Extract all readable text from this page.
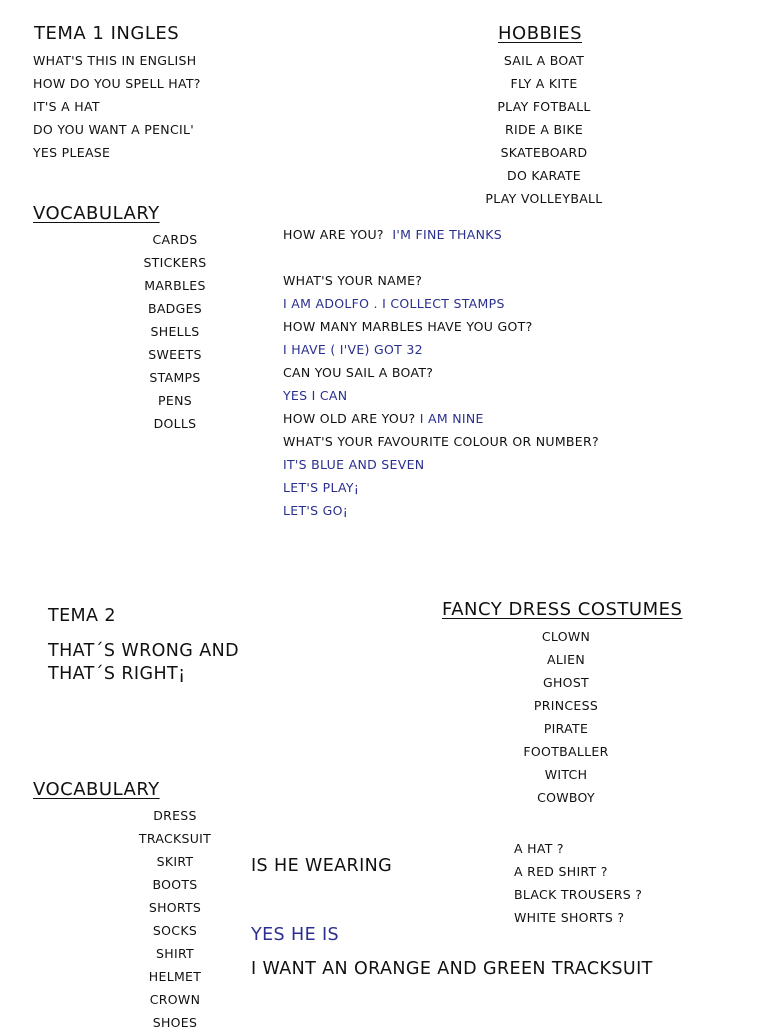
TEMA 1 INGLES
WHAT'S THIS IN ENGLISH
HOW DO YOU SPELL HAT?
IT'S A HAT
DO YOU WANT A PENCIL'
YES PLEASE
HOBBIES
SAIL A BOAT
FLY A KITE
PLAY FOTBALL
RIDE A BIKE
SKATEBOARD
DO KARATE
PLAY VOLLEYBALL
VOCABULARY
CARDS
STICKERS
MARBLES
BADGES
SHELLS
SWEETS
STAMPS
PENS
DOLLS
HOW ARE YOU? I'M FINE THANKS

WHAT'S YOUR NAME?
I AM ADOLFO . I COLLECT STAMPS
HOW MANY MARBLES HAVE YOU GOT?
I HAVE ( I'VE) GOT 32
CAN YOU SAIL A BOAT?
YES I CAN
HOW OLD ARE YOU? I AM NINE
WHAT'S YOUR FAVOURITE COLOUR OR NUMBER?
IT'S BLUE AND SEVEN
LET'S PLAY¡
LET'S GO¡
TEMA 2
THAT´S WRONG AND
THAT´S RIGHT¡
FANCY DRESS COSTUMES
CLOWN
ALIEN
GHOST
PRINCESS
PIRATE
FOOTBALLER
WITCH
COWBOY
VOCABULARY
DRESS
TRACKSUIT
SKIRT
BOOTS
SHORTS
SOCKS
SHIRT
HELMET
CROWN
SHOES
IS HE WEARING
A HAT ?
A RED SHIRT ?
BLACK TROUSERS ?
WHITE SHORTS ?
YES HE IS
I WANT AN ORANGE AND GREEN TRACKSUIT
